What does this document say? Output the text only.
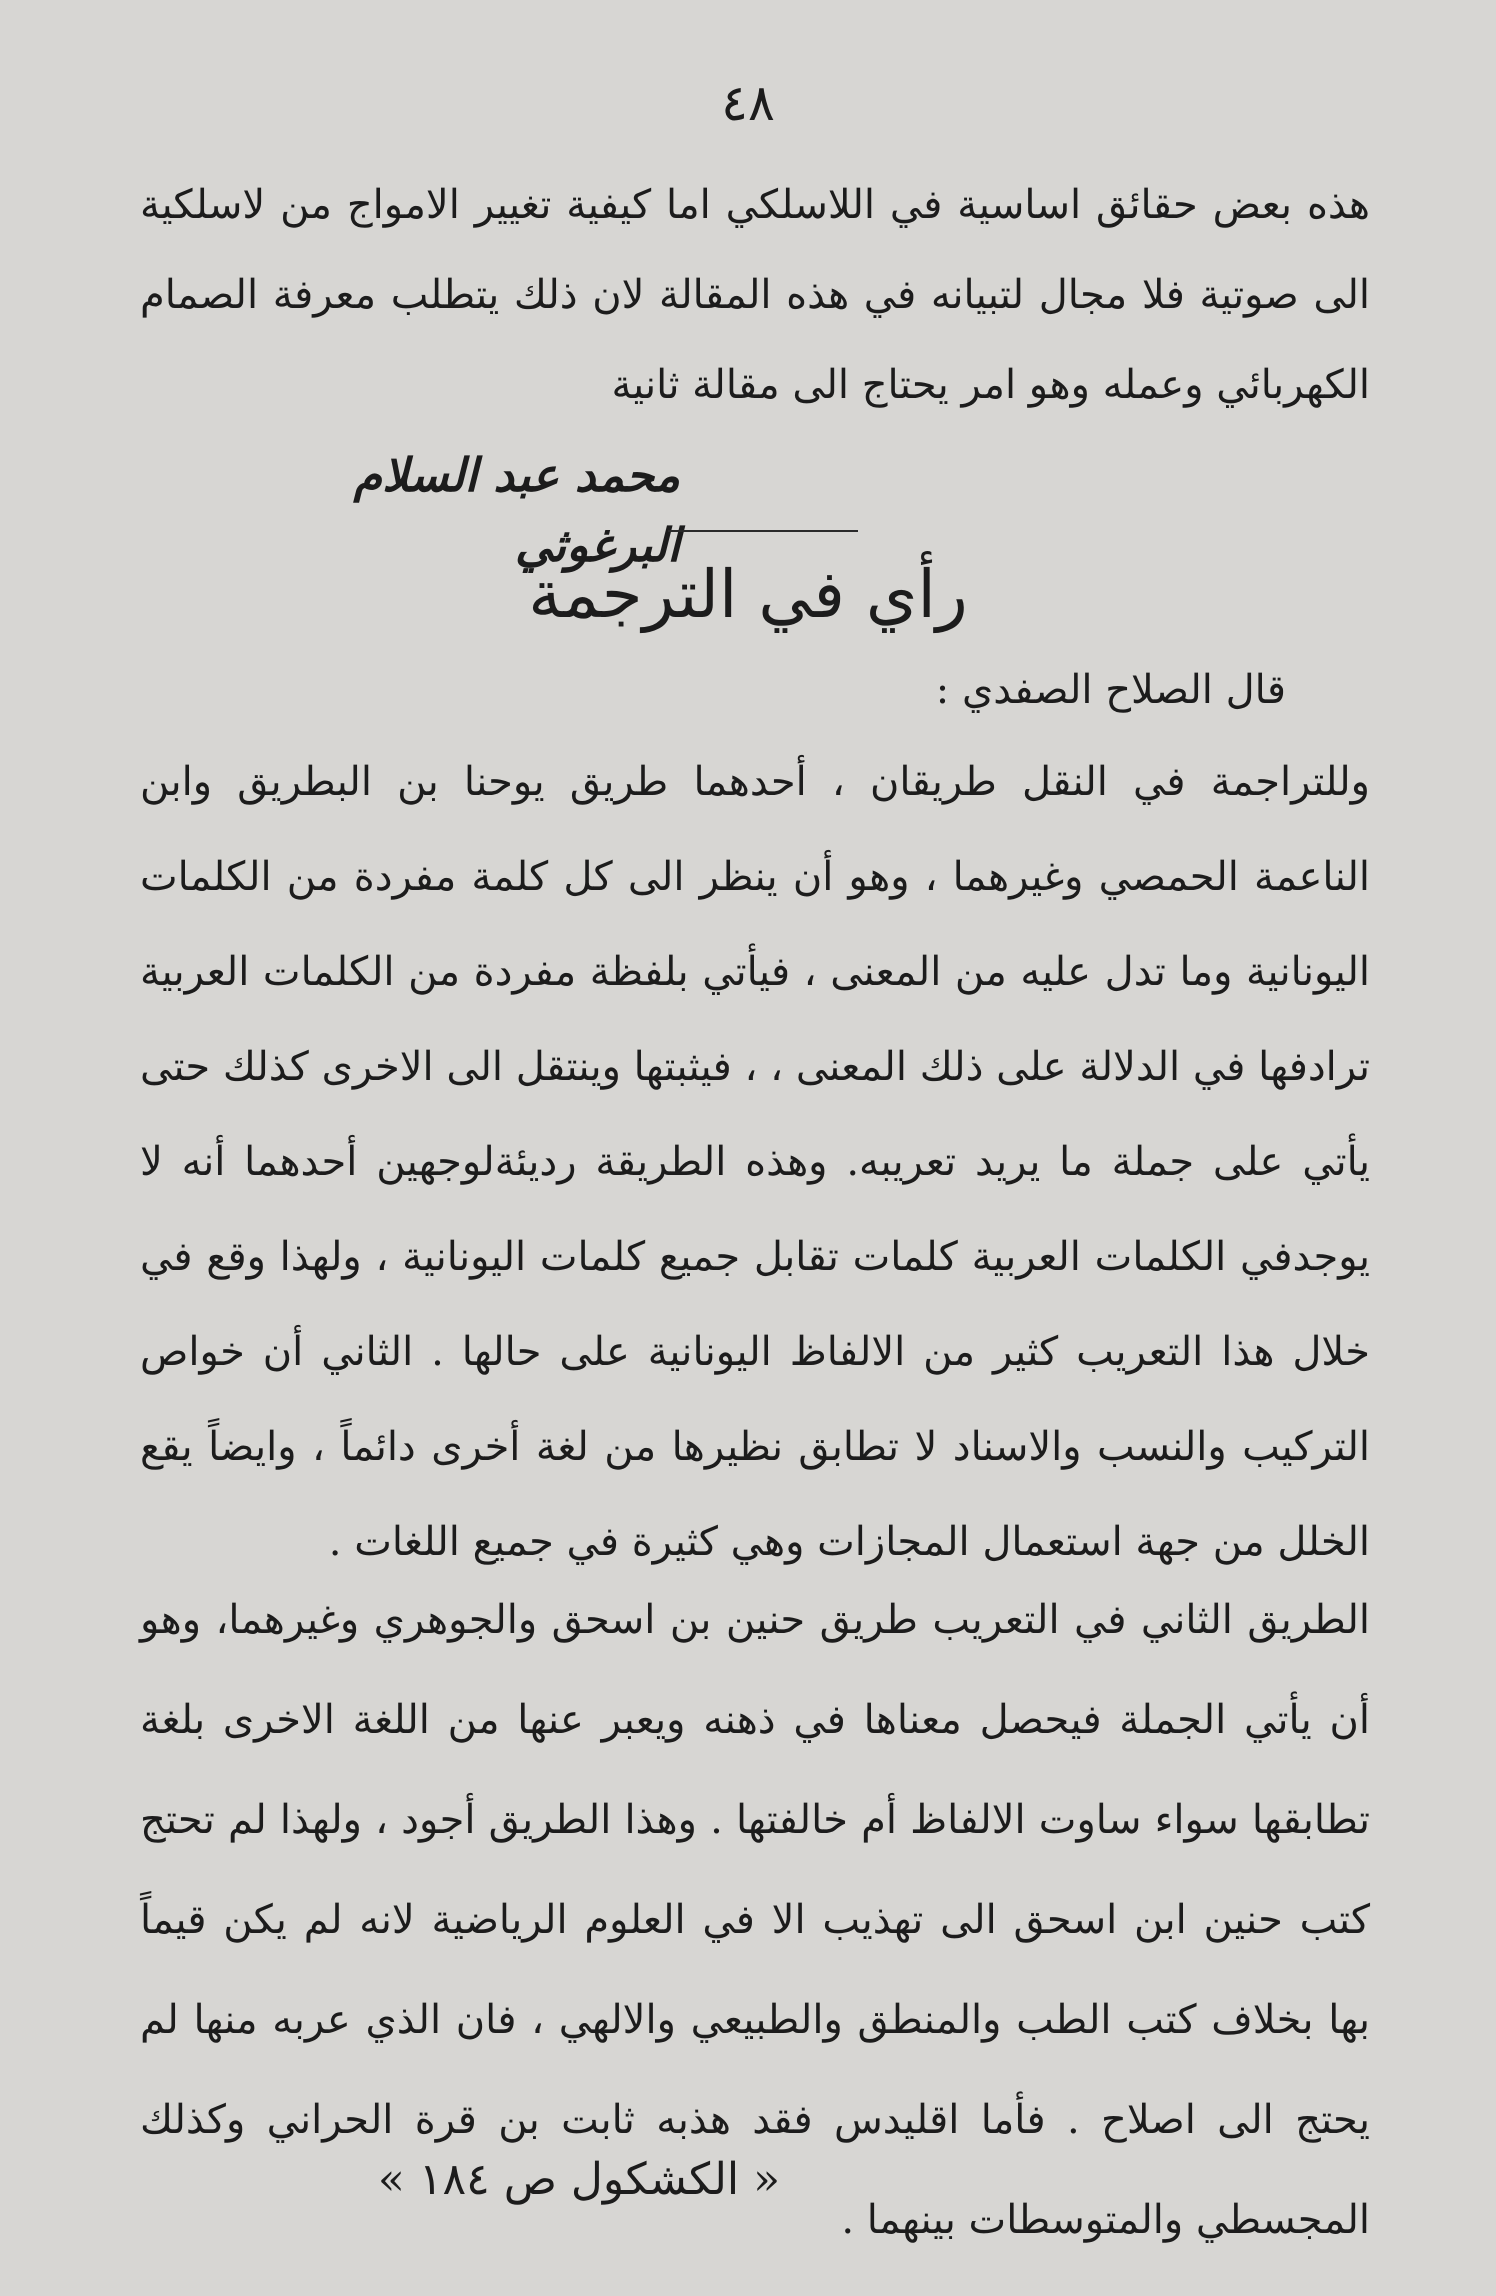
٤٨

هذه بعض حقائق اساسية في اللاسلكي اما كيفية تغيير الامواج من لاسلكية الى صوتية فلا مجال لتبيانه في هذه المقالة لان ذلك يتطلب معرفة الصمام الكهربائي وعمله وهو امر يحتاج الى مقالة ثانية

محمد عبد السلام البرغوثي
رأي في الترجمة
قال الصلاح الصفدي :

وللتراجمة في النقل طريقان ، أحدهما طريق يوحنا بن البطريق وابن الناعمة الحمصي وغيرهما ، وهو أن ينظر الى كل كلمة مفردة من الكلمات اليونانية وما تدل عليه من المعنى ، فيأتي بلفظة مفردة من الكلمات العربية ترادفها في الدلالة على ذلك المعنى ، ، فيثبتها وينتقل الى الاخرى كذلك حتى يأتي على جملة ما يريد تعريبه. وهذه الطريقة رديئةلوجهين أحدهما أنه لا يوجدفي الكلمات العربية كلمات تقابل جميع كلمات اليونانية ، ولهذا وقع في خلال هذا التعريب كثير من الالفاظ اليونانية على حالها . الثاني أن خواص التركيب والنسب والاسناد لا تطابق نظيرها من لغة أخرى دائماً ، وايضاً يقع الخلل من جهة استعمال المجازات وهي كثيرة في جميع اللغات .

الطريق الثاني في التعريب طريق حنين بن اسحق والجوهري وغيرهما، وهو أن يأتي الجملة فيحصل معناها في ذهنه ويعبر عنها من اللغة الاخرى بلغة تطابقها سواء ساوت الالفاظ أم خالفتها . وهذا الطريق أجود ، ولهذا لم تحتج كتب حنين ابن اسحق الى تهذيب الا في العلوم الرياضية لانه لم يكن قيماً بها بخلاف كتب الطب والمنطق والطبيعي والالهي ، فان الذي عربه منها لم يحتج الى اصلاح . فأما اقليدس فقد هذبه ثابت بن قرة الحراني وكذلك المجسطي والمتوسطات بينهما .

« الكشكول ص ١٨٤ »
